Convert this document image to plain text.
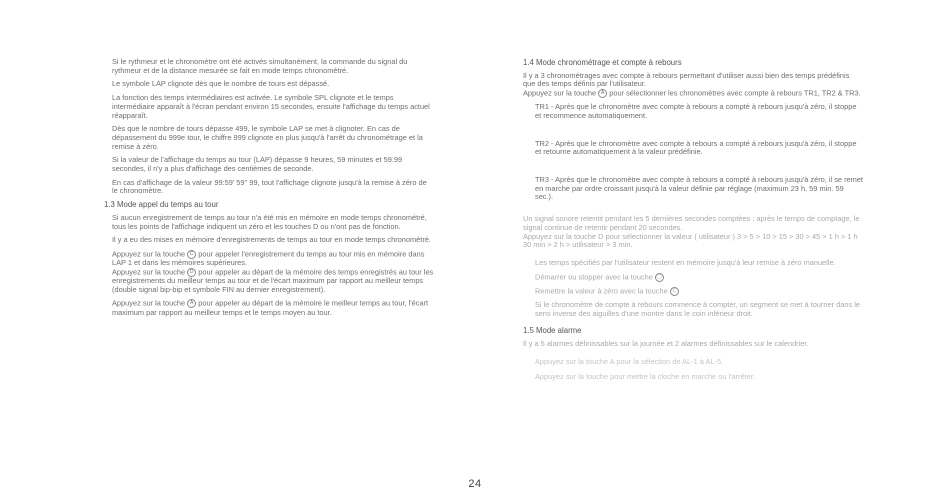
Si le rythmeur et le chronomètre ont été activés simultanément, la commande du signal du rythmeur et de la distance mesurée se fait en mode temps chronométré.

Le symbole LAP clignote dès que le nombre de tours est dépassé.

La fonction des temps intermédiaires est activée. Le symbole SPL clignote et le temps intermédiaire apparaît à l'écran pendant environ 15 secondes, ensuite l'affichage du temps actuel réapparaît.

Dès que le nombre de tours dépasse 499, le symbole LAP se met à clignoter. En cas de dépassement du 999e tour, le chiffre 999 clignote en plus jusqu'à l'arrêt du chronométrage et la remise à zéro.

Si la valeur de l'affichage du temps au tour (LAP) dépasse 9 heures, 59 minutes et 59.99 secondes, il n'y a plus d'affichage des centièmes de seconde.

En cas d'affichage de la valeur 99:59' 59'' 99, tout l'affichage clignote jusqu'à la remise à zéro de le chronomètre.

1.3 Mode appel du temps au tour

Si aucun enregistrement de temps au tour n'a été mis en mémoire en mode temps chronométré, tous les points de l'affichage indiquent un zéro et les touches D ou n'ont pas de fonction.

Il y a eu des mises en mémoire d'enregistrements de temps au tour en mode temps chronométré.

Appuyez sur la touche C pour appeler l'enregistrement du temps au tour mis en mémoire dans LAP 1 et dans les mémoires supérieures.

Appuyez sur la touche D pour appeler au départ de la mémoire des temps enregistrés au tour les enregistrements du meilleur temps au tour et de l'écart maximum par rapport au meilleur temps (double signal bip-bip et symbole FIN au dernier enregistrement).

Appuyez sur la touche A pour appeler au départ de la mémoire le meilleur temps au tour, l'écart maximum par rapport au meilleur temps et le temps moyen au tour.

1.4 Mode chronométrage et compte à rebours

Il y a 3 chronométrages avec compte à rebours permettant d'utiliser aussi bien des temps prédéfinis que des temps définis par l'utilisateur.

Appuyez sur la touche A pour sélectionner les chronomètres avec compte à rebours TR1, TR2 & TR3.

TR1 - Après que le chronomètre avec compte à rebours a compté à rebours jusqu'à zéro, il stoppe et recommence automatiquement.

TR2 - Après que le chronomètre avec compte à rebours a compté à rebours jusqu'à zéro, il stoppe et retourne automatiquement à la valeur prédéfinie.

TR3 - Après que le chronomètre avec compte à rebours a compté à rebours jusqu'à zéro, il se remet en marche par ordre croissant jusqu'à la valeur définie par réglage (maximum 23 h. 59 min. 59 sec.).

Un signal sonore retentit pendant les 5 dernières secondes comptées ; après le temps de comptage, le signal continue de retentir pendant 20 secondes.

Appuyez sur la touche D pour sélectionner la valeur ( utilisateur ) 3 > 5 > 10 > 15 > 30 > 45 > 1 h > 1 h 30 min > 2 h > utilisateur > 3 min.

Les temps spécifiés par l'utilisateur restent en mémoire jusqu'à leur remise à zéro manuelle.

Démarrer ou stopper avec la touche ◯

Remettre la valeur à zéro avec la touche C

Si le chronomètre de compte à rebours commence à compter, un segment se met à tourner dans le sens inverse des aiguilles d'une montre dans le coin inférieur droit.

1.5 Mode alarme

Il y a 5 alarmes définissables sur la journée et 2 alarmes définissables sur le calendrier.

Appuyez sur la touche A pour la sélection de AL-1 à AL-5.

Appuyez sur la touche pour mettre la cloche en marche ou l'arrêter.

24
